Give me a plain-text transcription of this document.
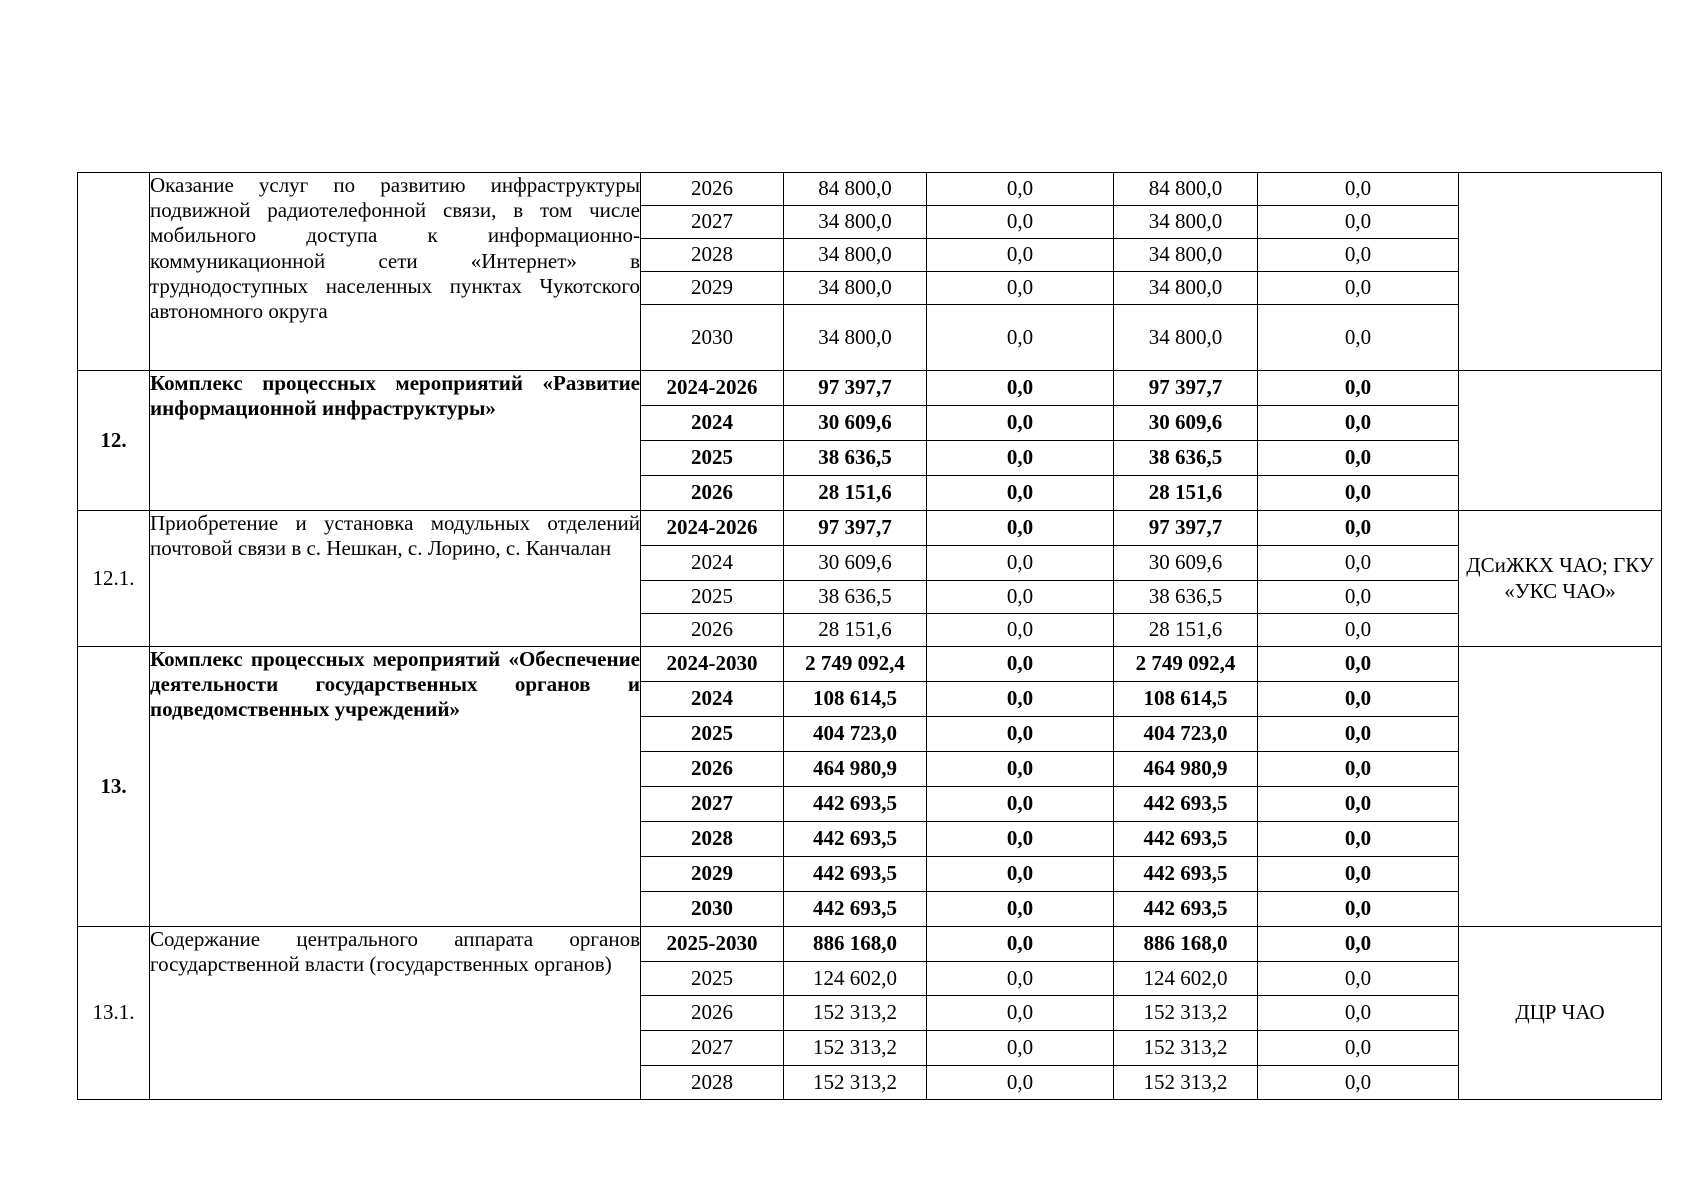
	Оказание услуг по развитию инфраструктуры подвижной радиотелефонной связи, в том числе мобильного доступа к информационно-коммуникационной сети «Интернет» в труднодоступных населенных пунктах Чукотского автономного округа	2026	84 800,0	0,0	84 800,0	0,0	
		2027	34 800,0	0,0	34 800,0	0,0	
		2028	34 800,0	0,0	34 800,0	0,0	
		2029	34 800,0	0,0	34 800,0	0,0	
		2030	34 800,0	0,0	34 800,0	0,0	
12.	Комплекс процессных мероприятий «Развитие информационной инфраструктуры»	2024-2026	97 397,7	0,0	97 397,7	0,0	
		2024	30 609,6	0,0	30 609,6	0,0	
		2025	38 636,5	0,0	38 636,5	0,0	
		2026	28 151,6	0,0	28 151,6	0,0	
12.1.	Приобретение и установка модульных отделений почтовой связи в с. Нешкан, с. Лорино, с. Канчалан	2024-2026	97 397,7	0,0	97 397,7	0,0	ДСиЖКХ ЧАО; ГКУ «УКС ЧАО»
		2024	30 609,6	0,0	30 609,6	0,0	
		2025	38 636,5	0,0	38 636,5	0,0	
		2026	28 151,6	0,0	28 151,6	0,0	
13.	Комплекс процессных мероприятий «Обеспечение деятельности государственных органов и подведомственных учреждений»	2024-2030	2 749 092,4	0,0	2 749 092,4	0,0	
		2024	108 614,5	0,0	108 614,5	0,0	
		2025	404 723,0	0,0	404 723,0	0,0	
		2026	464 980,9	0,0	464 980,9	0,0	
		2027	442 693,5	0,0	442 693,5	0,0	
		2028	442 693,5	0,0	442 693,5	0,0	
		2029	442 693,5	0,0	442 693,5	0,0	
		2030	442 693,5	0,0	442 693,5	0,0	
13.1.	Содержание центрального аппарата органов государственной власти (государственных органов)	2025-2030	886 168,0	0,0	886 168,0	0,0	ДЦР ЧАО
		2025	124 602,0	0,0	124 602,0	0,0	
		2026	152 313,2	0,0	152 313,2	0,0	
		2027	152 313,2	0,0	152 313,2	0,0	
		2028	152 313,2	0,0	152 313,2	0,0	
